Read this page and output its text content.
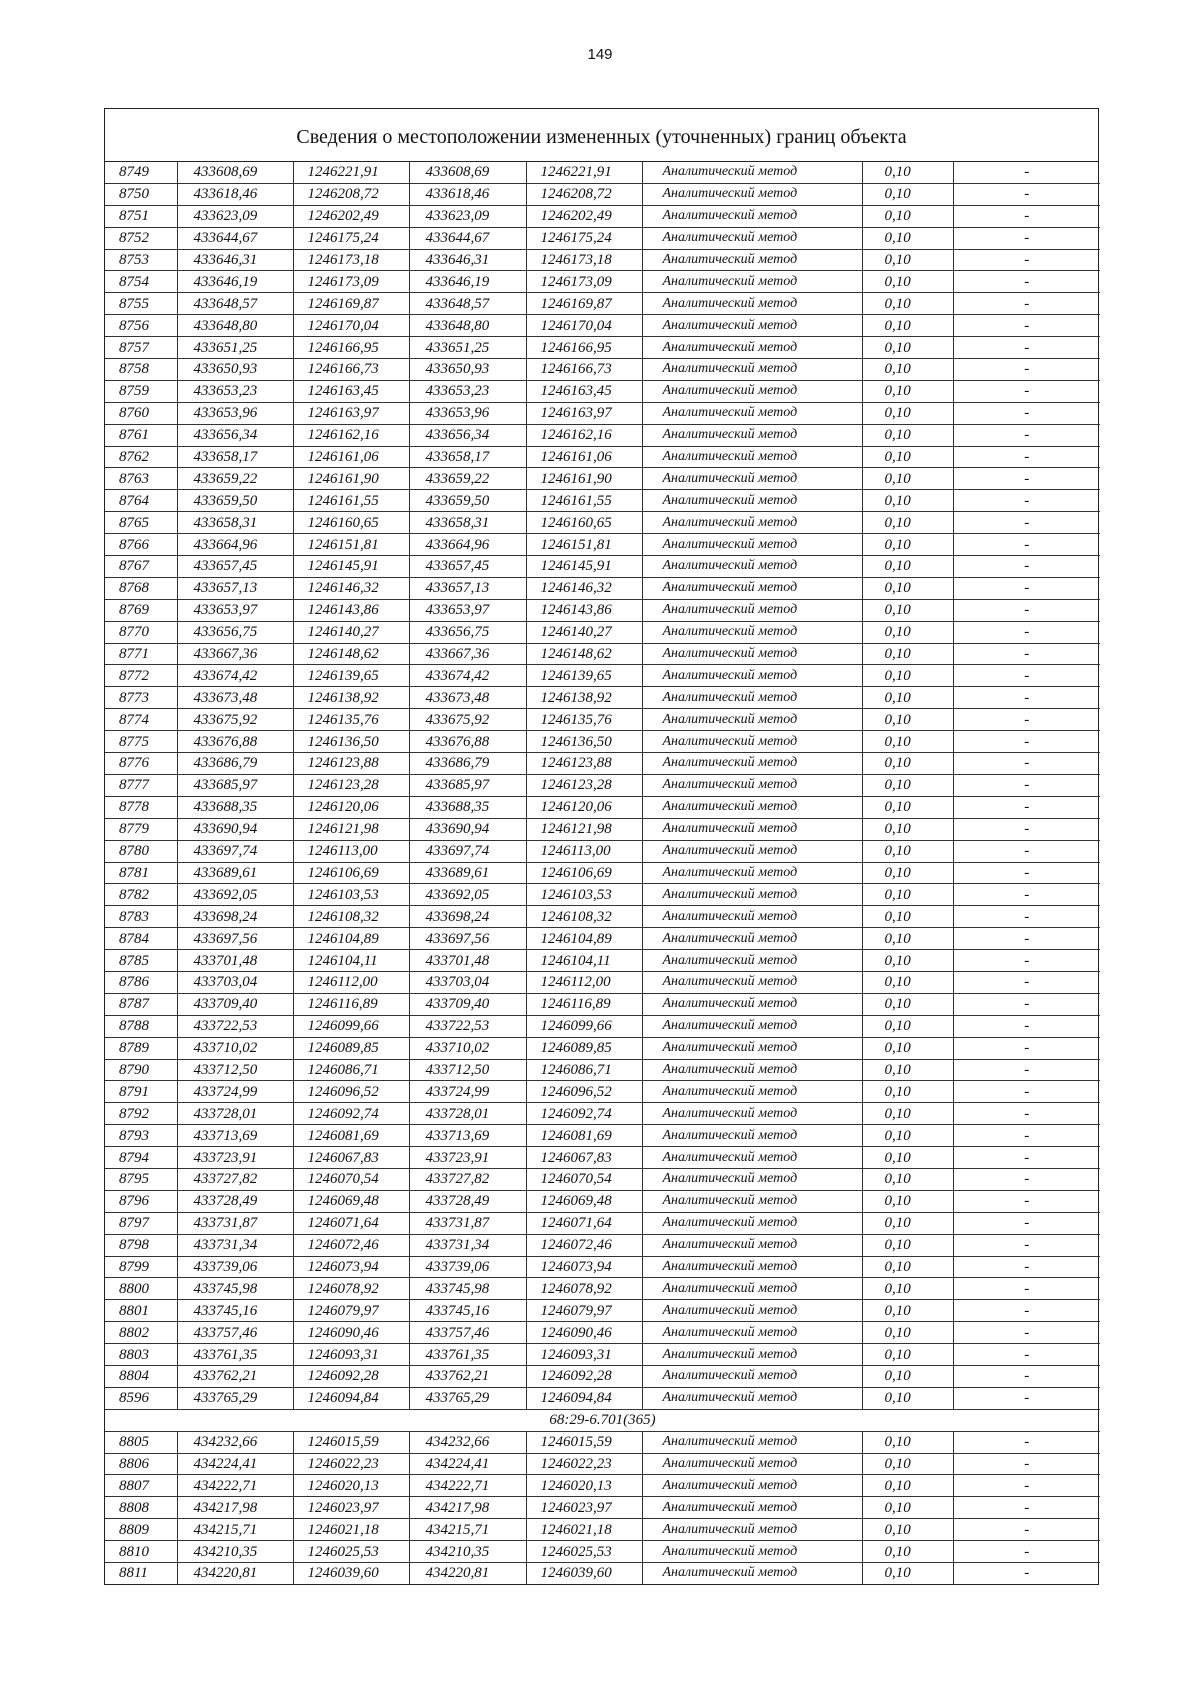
149
Сведения о местоположении измененных (уточненных) границ объекта
8749	433608,69	1246221,91	433608,69	1246221,91	Аналитический метод	0,10	-
8750	433618,46	1246208,72	433618,46	1246208,72	Аналитический метод	0,10	-
8751	433623,09	1246202,49	433623,09	1246202,49	Аналитический метод	0,10	-
8752	433644,67	1246175,24	433644,67	1246175,24	Аналитический метод	0,10	-
8753	433646,31	1246173,18	433646,31	1246173,18	Аналитический метод	0,10	-
8754	433646,19	1246173,09	433646,19	1246173,09	Аналитический метод	0,10	-
8755	433648,57	1246169,87	433648,57	1246169,87	Аналитический метод	0,10	-
8756	433648,80	1246170,04	433648,80	1246170,04	Аналитический метод	0,10	-
8757	433651,25	1246166,95	433651,25	1246166,95	Аналитический метод	0,10	-
8758	433650,93	1246166,73	433650,93	1246166,73	Аналитический метод	0,10	-
8759	433653,23	1246163,45	433653,23	1246163,45	Аналитический метод	0,10	-
8760	433653,96	1246163,97	433653,96	1246163,97	Аналитический метод	0,10	-
8761	433656,34	1246162,16	433656,34	1246162,16	Аналитический метод	0,10	-
8762	433658,17	1246161,06	433658,17	1246161,06	Аналитический метод	0,10	-
8763	433659,22	1246161,90	433659,22	1246161,90	Аналитический метод	0,10	-
8764	433659,50	1246161,55	433659,50	1246161,55	Аналитический метод	0,10	-
8765	433658,31	1246160,65	433658,31	1246160,65	Аналитический метод	0,10	-
8766	433664,96	1246151,81	433664,96	1246151,81	Аналитический метод	0,10	-
8767	433657,45	1246145,91	433657,45	1246145,91	Аналитический метод	0,10	-
8768	433657,13	1246146,32	433657,13	1246146,32	Аналитический метод	0,10	-
8769	433653,97	1246143,86	433653,97	1246143,86	Аналитический метод	0,10	-
8770	433656,75	1246140,27	433656,75	1246140,27	Аналитический метод	0,10	-
8771	433667,36	1246148,62	433667,36	1246148,62	Аналитический метод	0,10	-
8772	433674,42	1246139,65	433674,42	1246139,65	Аналитический метод	0,10	-
8773	433673,48	1246138,92	433673,48	1246138,92	Аналитический метод	0,10	-
8774	433675,92	1246135,76	433675,92	1246135,76	Аналитический метод	0,10	-
8775	433676,88	1246136,50	433676,88	1246136,50	Аналитический метод	0,10	-
8776	433686,79	1246123,88	433686,79	1246123,88	Аналитический метод	0,10	-
8777	433685,97	1246123,28	433685,97	1246123,28	Аналитический метод	0,10	-
8778	433688,35	1246120,06	433688,35	1246120,06	Аналитический метод	0,10	-
8779	433690,94	1246121,98	433690,94	1246121,98	Аналитический метод	0,10	-
8780	433697,74	1246113,00	433697,74	1246113,00	Аналитический метод	0,10	-
8781	433689,61	1246106,69	433689,61	1246106,69	Аналитический метод	0,10	-
8782	433692,05	1246103,53	433692,05	1246103,53	Аналитический метод	0,10	-
8783	433698,24	1246108,32	433698,24	1246108,32	Аналитический метод	0,10	-
8784	433697,56	1246104,89	433697,56	1246104,89	Аналитический метод	0,10	-
8785	433701,48	1246104,11	433701,48	1246104,11	Аналитический метод	0,10	-
8786	433703,04	1246112,00	433703,04	1246112,00	Аналитический метод	0,10	-
8787	433709,40	1246116,89	433709,40	1246116,89	Аналитический метод	0,10	-
8788	433722,53	1246099,66	433722,53	1246099,66	Аналитический метод	0,10	-
8789	433710,02	1246089,85	433710,02	1246089,85	Аналитический метод	0,10	-
8790	433712,50	1246086,71	433712,50	1246086,71	Аналитический метод	0,10	-
8791	433724,99	1246096,52	433724,99	1246096,52	Аналитический метод	0,10	-
8792	433728,01	1246092,74	433728,01	1246092,74	Аналитический метод	0,10	-
8793	433713,69	1246081,69	433713,69	1246081,69	Аналитический метод	0,10	-
8794	433723,91	1246067,83	433723,91	1246067,83	Аналитический метод	0,10	-
8795	433727,82	1246070,54	433727,82	1246070,54	Аналитический метод	0,10	-
8796	433728,49	1246069,48	433728,49	1246069,48	Аналитический метод	0,10	-
8797	433731,87	1246071,64	433731,87	1246071,64	Аналитический метод	0,10	-
8798	433731,34	1246072,46	433731,34	1246072,46	Аналитический метод	0,10	-
8799	433739,06	1246073,94	433739,06	1246073,94	Аналитический метод	0,10	-
8800	433745,98	1246078,92	433745,98	1246078,92	Аналитический метод	0,10	-
8801	433745,16	1246079,97	433745,16	1246079,97	Аналитический метод	0,10	-
8802	433757,46	1246090,46	433757,46	1246090,46	Аналитический метод	0,10	-
8803	433761,35	1246093,31	433761,35	1246093,31	Аналитический метод	0,10	-
8804	433762,21	1246092,28	433762,21	1246092,28	Аналитический метод	0,10	-
8596	433765,29	1246094,84	433765,29	1246094,84	Аналитический метод	0,10	-
68:29-6.701(365)							
8805	434232,66	1246015,59	434232,66	1246015,59	Аналитический метод	0,10	-
8806	434224,41	1246022,23	434224,41	1246022,23	Аналитический метод	0,10	-
8807	434222,71	1246020,13	434222,71	1246020,13	Аналитический метод	0,10	-
8808	434217,98	1246023,97	434217,98	1246023,97	Аналитический метод	0,10	-
8809	434215,71	1246021,18	434215,71	1246021,18	Аналитический метод	0,10	-
8810	434210,35	1246025,53	434210,35	1246025,53	Аналитический метод	0,10	-
8811	434220,81	1246039,60	434220,81	1246039,60	Аналитический метод	0,10	-
